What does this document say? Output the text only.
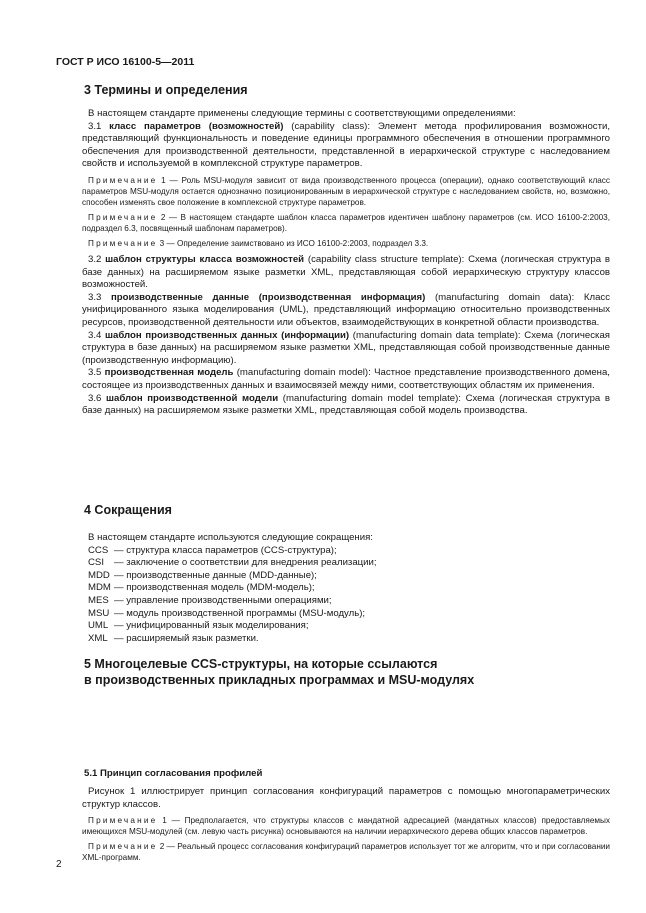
ГОСТ Р ИСО 16100-5—2011
3 Термины и определения

В настоящем стандарте применены следующие термины с соответствующими определениями:

3.1 класс параметров (возможностей) (capability class): Элемент метода профилирования возможности, представляющий функциональность и поведение единицы программного обеспечения в отношении программного обеспечения для производственной деятельности, представленной в иерархической структуре с наследованием свойств и используемой в комплексной структуре параметров.

Примечание 1 — Роль MSU-модуля зависит от вида производственного процесса (операции), однако соответствующий класс параметров MSU-модуля остается однозначно позиционированным в иерархической структуре с наследованием свойств, но, возможно, способен изменять свое положение в комплексной структуре параметров.

Примечание 2 — В настоящем стандарте шаблон класса параметров идентичен шаблону параметров (см. ИСО 16100-2:2003, подраздел 6.3, посвященный шаблонам параметров).

Примечание 3 — Определение заимствовано из ИСО 16100-2:2003, подраздел 3.3.

3.2 шаблон структуры класса возможностей (capability class structure template): Схема (логическая структура в базе данных) на расширяемом языке разметки XML, представляющая собой иерархическую структуру классов возможностей.

3.3 производственные данные (производственная информация) (manufacturing domain data): Класс унифицированного языка моделирования (UML), представляющий информацию относительно производственных ресурсов, производственной деятельности или объектов, взаимодействующих в конкретной области производства.

3.4 шаблон производственных данных (информации) (manufacturing domain data template): Схема (логическая структура в базе данных) на расширяемом языке разметки XML, представляющая собой производственные данные (производственную информацию).

3.5 производственная модель (manufacturing domain model): Частное представление производственного домена, состоящее из производственных данных и взаимосвязей между ними, соответствующих областям их применения.

3.6 шаблон производственной модели (manufacturing domain model template): Схема (логическая структура в базе данных) на расширяемом языке разметки XML, представляющая собой модель производства.

4 Сокращения

В настоящем стандарте используются следующие сокращения:

CCS — структура класса параметров (CCS-структура);
CSI	— заключение о соответствии для внедрения реализации;
MDD — производственные данные (MDD-данные);
MDM — производственная модель (MDM-модель);
MES — управление производственными операциями;
MSU — модуль производственной программы (MSU-модуль);
UML — унифицированный язык моделирования;
XML — расширяемый язык разметки.
5 Многоцелевые CCS-структуры, на которые ссылаются
в производственных прикладных программах и MSU-модулях
5.1 Принцип согласования профилей

Рисунок 1 иллюстрирует принцип согласования конфигураций параметров с помощью многопараметрических структур классов.

Примечание 1 — Предполагается, что структуры классов с мандатной адресацией (мандатных классов) предоставляемых имеющихся MSU-модулей (см. левую часть рисунка) основываются на наличии иерархического дерева общих классов параметров.

Примечание 2 — Реальный процесс согласования конфигураций параметров использует тот же алгоритм, что и при согласовании XML-программ.

2
